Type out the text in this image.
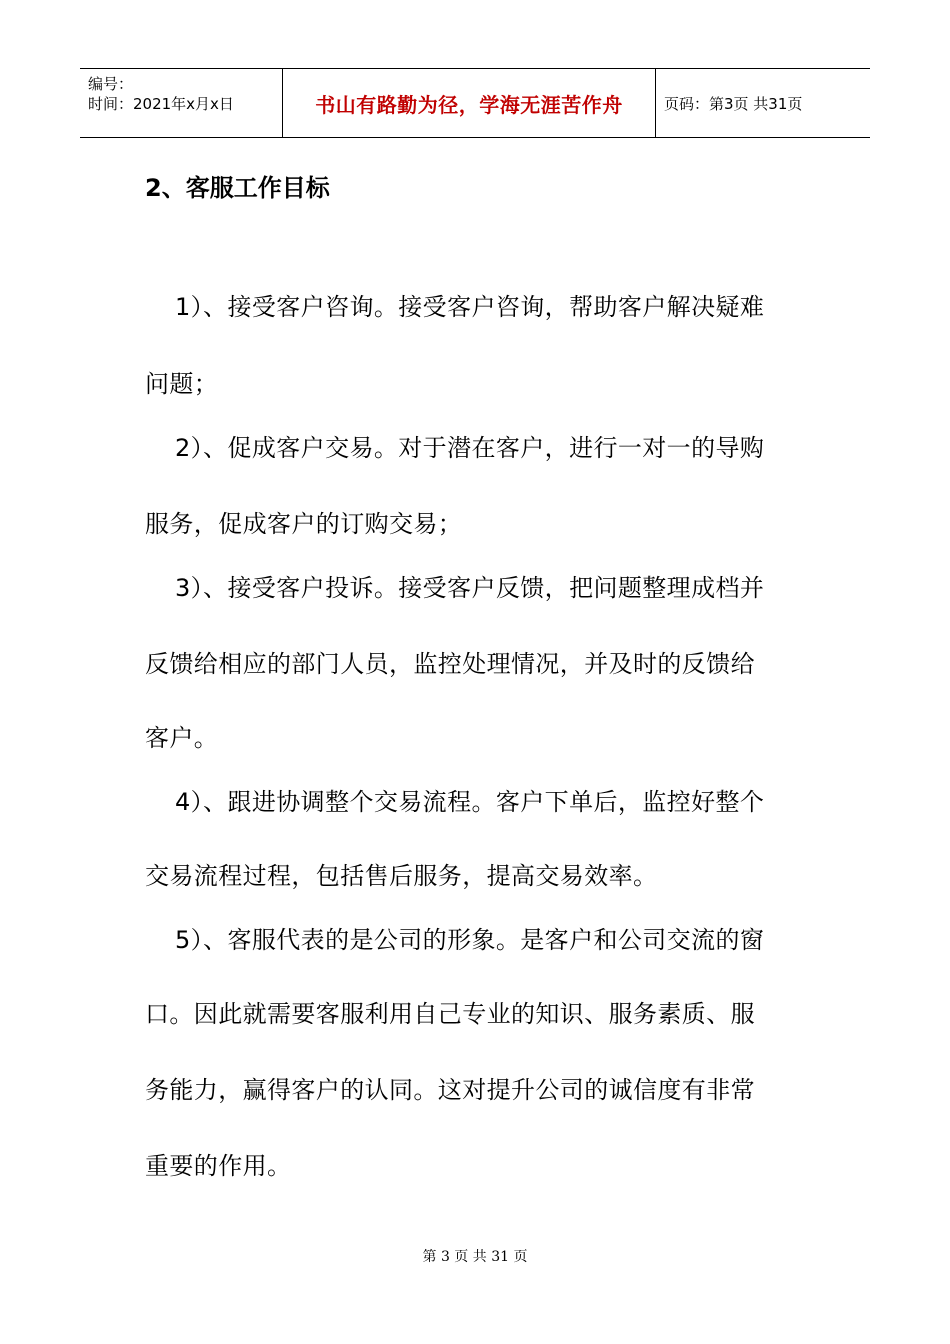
编号：
时间：2021年x月x日	书山有路勤为径，学海无涯苦作舟	页码：第3页 共31页
2、客服工作目标
1）、接受客户咨询。接受客户咨询，帮助客户解决疑难
问题；
2）、促成客户交易。对于潜在客户，进行一对一的导购
服务，促成客户的订购交易；
3）、接受客户投诉。接受客户反馈，把问题整理成档并
反馈给相应的部门人员，监控处理情况，并及时的反馈给
客户。
4）、跟进协调整个交易流程。客户下单后，监控好整个
交易流程过程，包括售后服务，提高交易效率。
5）、客服代表的是公司的形象。是客户和公司交流的窗
口。因此就需要客服利用自己专业的知识、服务素质、服
务能力，赢得客户的认同。这对提升公司的诚信度有非常
重要的作用。
第 3 页 共 31 页
